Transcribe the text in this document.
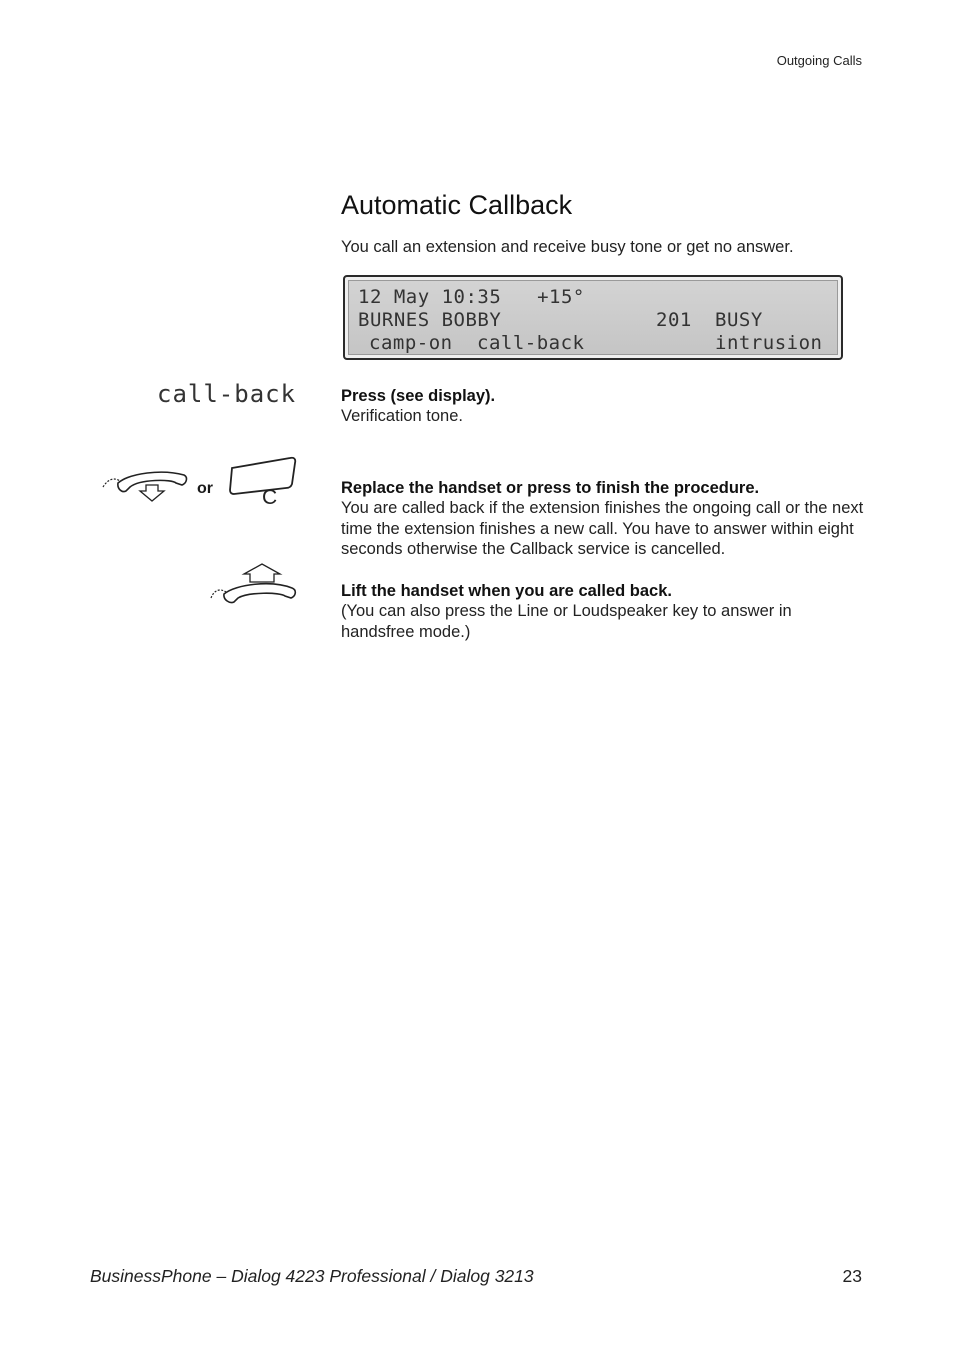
Outgoing Calls
Automatic Callback
You call an extension and receive busy tone or get no answer.
12 May 10:35   +15°
BURNES BOBBY	201 BUSY
camp-on call-back	intrusion
call-back	Press (see display).
Verification tone.
or C	Replace the handset or press to finish the procedure.
You are called back if the extension finishes the ongoing call or the next time the extension finishes a new call. You have to answer within eight seconds otherwise the Callback service is cancelled.
Lift the handset when you are called back.
(You can also press the Line or Loudspeaker key to answer in handsfree mode.)
BusinessPhone – Dialog 4223 Professional / Dialog 3213	23
